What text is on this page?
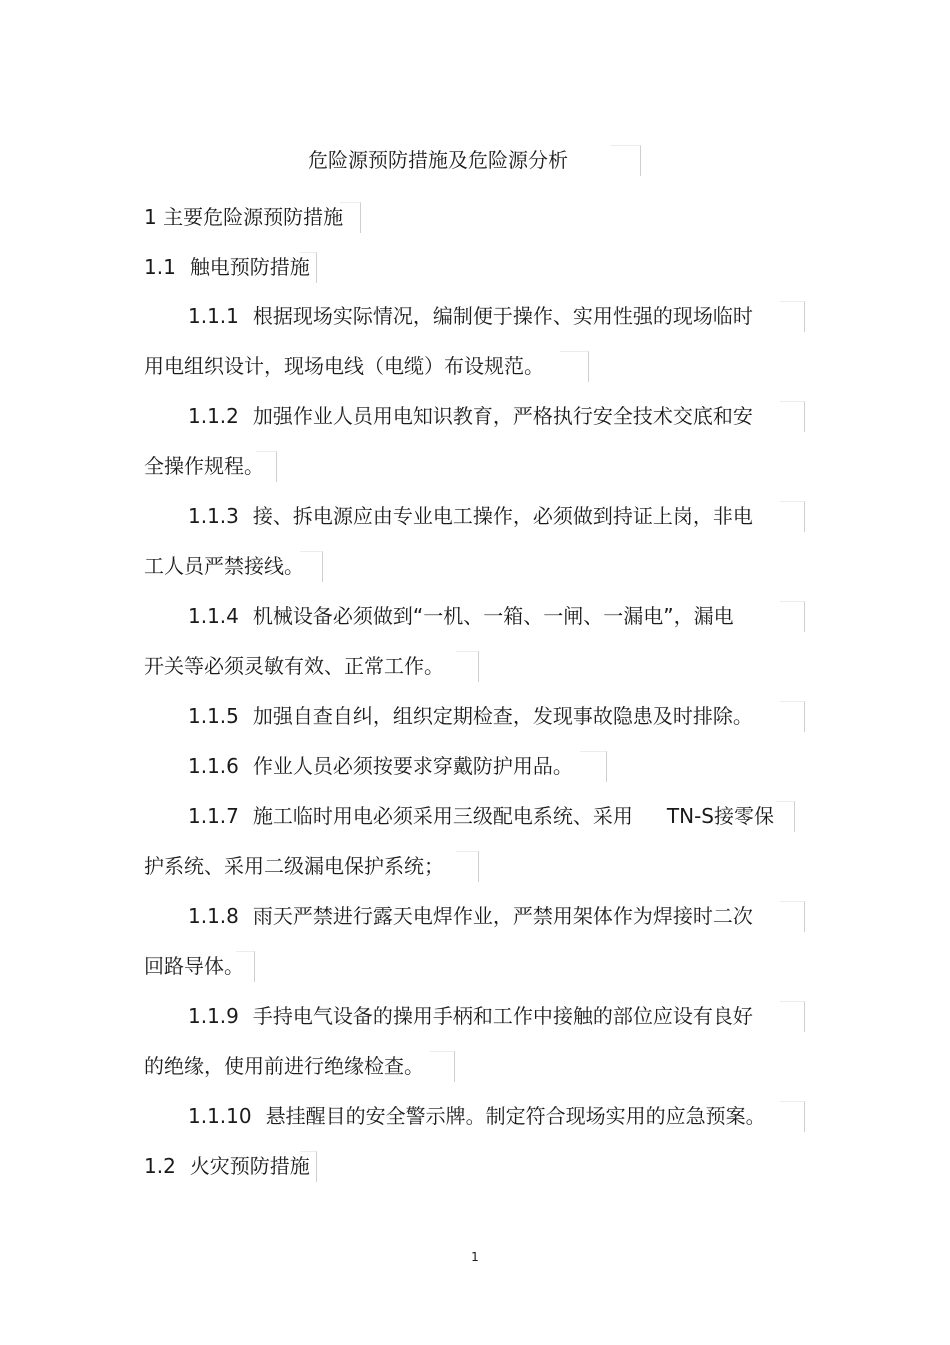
危险源预防措施及危险源分析
1 主要危险源预防措施
1.1 触电预防措施
1.1.1 根据现场实际情况，编制便于操作、实用性强的现场临时
用电组织设计，现场电线（电缆）布设规范。
1.1.2 加强作业人员用电知识教育，严格执行安全技术交底和安
全操作规程。
1.1.3 接、拆电源应由专业电工操作，必须做到持证上岗，非电
工人员严禁接线。
1.1.4 机械设备必须做到“一机、一箱、一闸、一漏电”，漏电
开关等必须灵敏有效、正常工作。
1.1.5 加强自查自纠，组织定期检查，发现事故隐患及时排除。
1.1.6 作业人员必须按要求穿戴防护用品。
1.1.7 施工临时用电必须采用三级配电系统、采用 TN-S接零保
护系统、采用二级漏电保护系统；
1.1.8 雨天严禁进行露天电焊作业，严禁用架体作为焊接时二次
回路导体。
1.1.9 手持电气设备的操用手柄和工作中接触的部位应设有良好
的绝缘，使用前进行绝缘检查。
1.1.10 悬挂醒目的安全警示牌。制定符合现场实用的应急预案。
1.2 火灾预防措施
1
